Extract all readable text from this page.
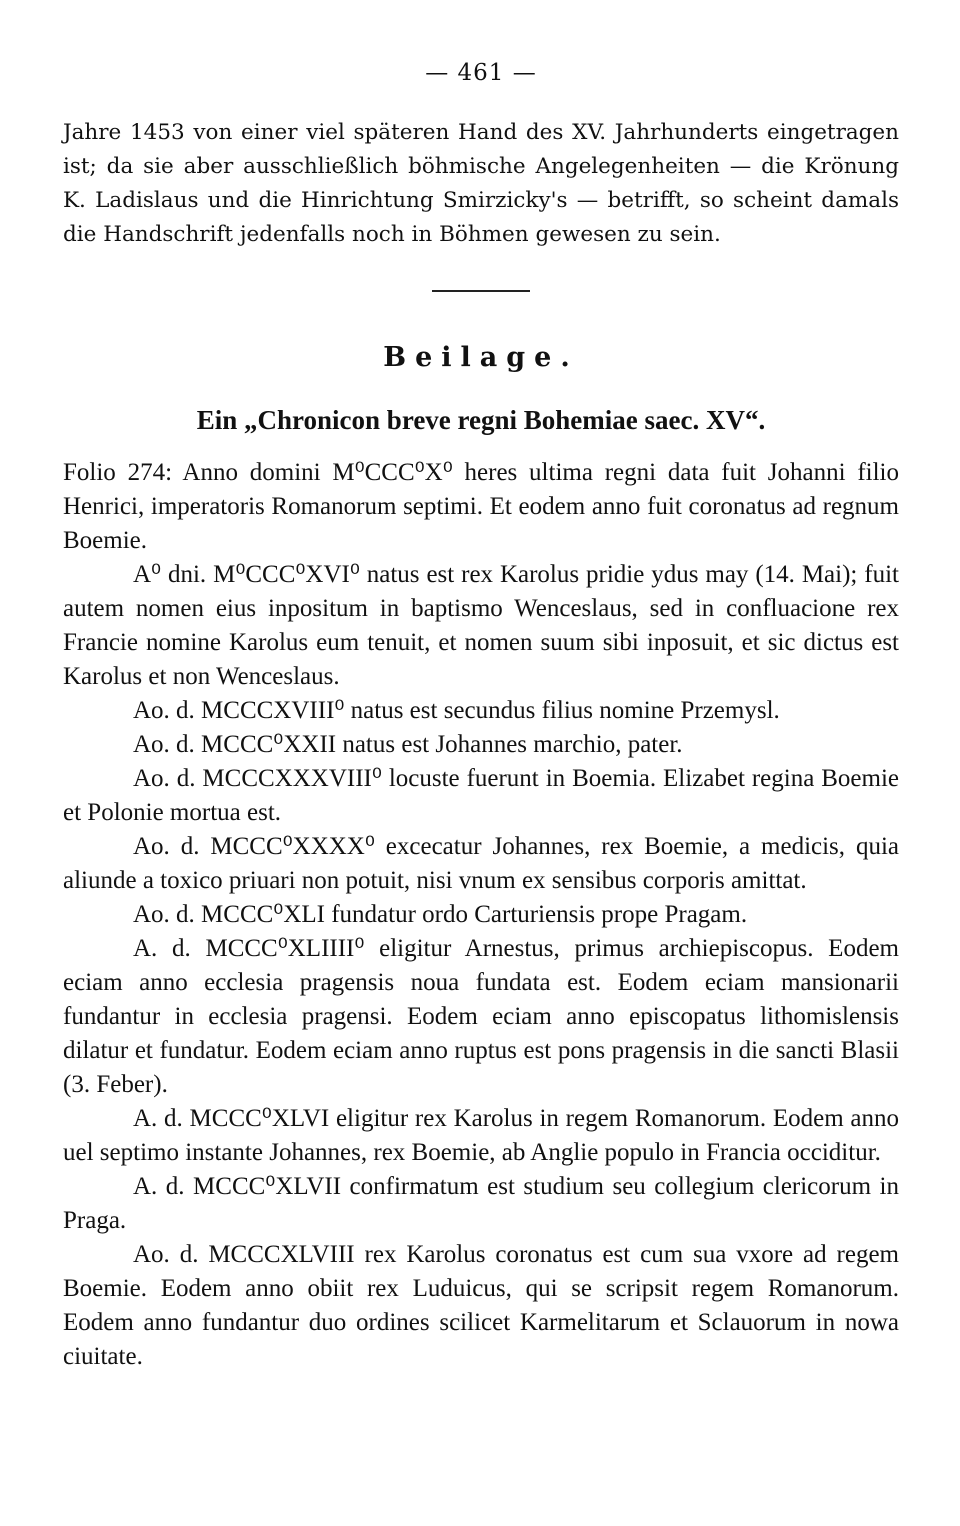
— 461 —
Jahre 1453 von einer viel späteren Hand des XV. Jahrhunderts eingetragen ist; da sie aber ausschließlich böhmische Angelegenheiten — die Krönung K. Ladislaus und die Hinrichtung Smirzicky's — betrifft, so scheint damals die Handschrift jedenfalls noch in Böhmen gewesen zu sein.
Beilage.
Ein „Chronicon breve regni Bohemiae saec. XV“.

Folio 274: Anno domini M⁰CCC⁰X⁰ heres ultima regni data fuit Johanni filio Henrici, imperatoris Romanorum septimi. Et eodem anno fuit coronatus ad regnum Boemie.

A⁰ dni. M⁰CCC⁰XVI⁰ natus est rex Karolus pridie ydus may (14. Mai); fuit autem nomen eius inpositum in baptismo Wenceslaus, sed in confluacione rex Francie nomine Karolus eum tenuit, et nomen suum sibi inposuit, et sic dictus est Karolus et non Wenceslaus.

Ao. d. MCCCXVIII⁰ natus est secundus filius nomine Przemysl.

Ao. d. MCCC⁰XXII natus est Johannes marchio, pater.

Ao. d. MCCCXXXVIII⁰ locuste fuerunt in Boemia. Elizabet regina Boemie et Polonie mortua est.

Ao. d. MCCC⁰XXXX⁰ excecatur Johannes, rex Boemie, a medicis, quia aliunde a toxico priuari non potuit, nisi vnum ex sensibus corporis amittat.

Ao. d. MCCC⁰XLI fundatur ordo Carturiensis prope Pragam.

A. d. MCCC⁰XLIIII⁰ eligitur Arnestus, primus archiepiscopus. Eodem eciam anno ecclesia pragensis noua fundata est. Eodem eciam mansionarii fundantur in ecclesia pragensi. Eodem eciam anno episcopatus lithomislensis dilatur et fundatur. Eodem eciam anno ruptus est pons pragensis in die sancti Blasii (3. Feber).

A. d. MCCC⁰XLVI eligitur rex Karolus in regem Romanorum. Eodem anno uel septimo instante Johannes, rex Boemie, ab Anglie populo in Francia occiditur.

A. d. MCCC⁰XLVII confirmatum est studium seu collegium clericorum in Praga.

Ao. d. MCCCXLVIII rex Karolus coronatus est cum sua vxore ad regem Boemie. Eodem anno obiit rex Luduicus, qui se scripsit regem Romanorum. Eodem anno fundantur duo ordines scilicet Karmelitarum et Sclauorum in nowa ciuitate.
